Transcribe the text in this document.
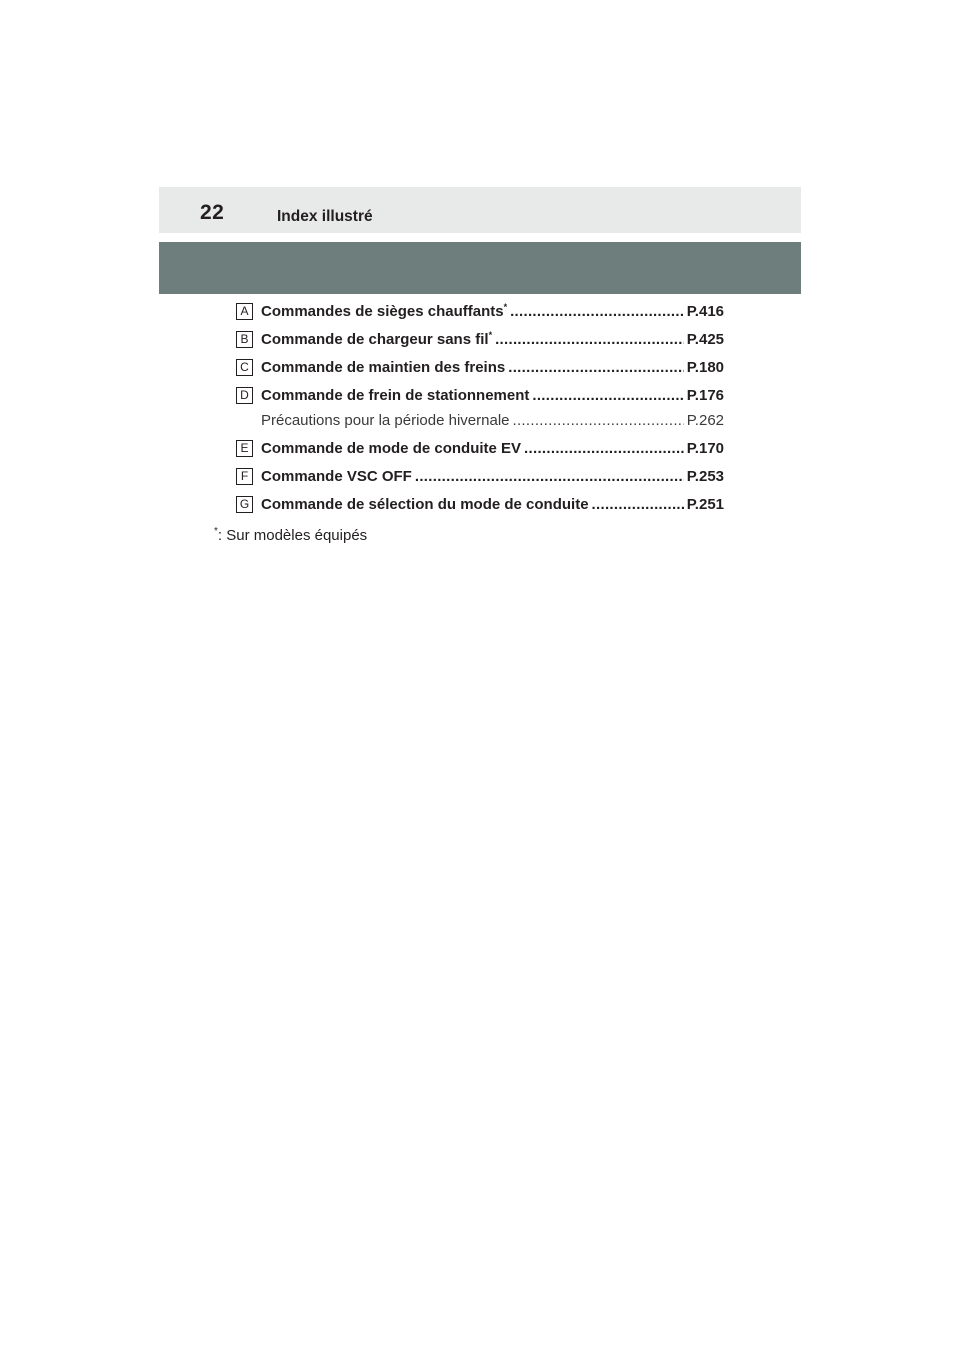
22	Index illustré
A Commandes de sièges chauffants* .....	P.416
B Commande de chargeur sans fil* .....	P.425
C Commande de maintien des freins .....	P.180
D Commande de frein de stationnement .....	P.176
Précautions pour la période hivernale .....	P.262
E Commande de mode de conduite EV .....	P.170
F Commande VSC OFF .....	P.253
G Commande de sélection du mode de conduite .....	P.251
*: Sur modèles équipés
